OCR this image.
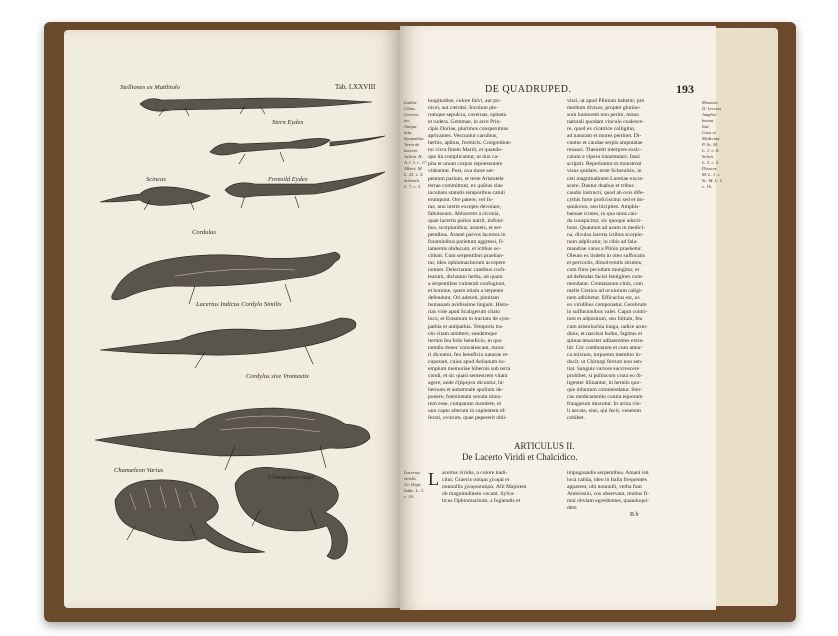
Stelliones ex Matthiolo	Tab. LXXVIII
Stern Eydex
Scincus	Fronsild Eydex
Cordulus
Lacertus Indicus Cordylo Similis
Cordylus sive Vromastix
Chamæleon Varius
Chamæleon niger
DE QUADRUPED.	193
Latibu-
Cibus.
Genera-
tio.
Antipa-
thia.
Sympathia.
Varia de
lacerto.
Aelian. H.
A. l. 3. c. 17.
Albert. M.
L. 25. c. 5.
Schenck.
L. 7. c. 3.
longitudine, colore fulvi, aut pu-
nicei, aut cærulei. Incolunt ple-
rumque sepulcra, cavernas, spineta
et rudera. Gemmae, in arce Prin-
cipis Doriae, plurimos conspeximus
apricantes. Vescuntur carnibus,
herbis, apibus, formicis. Congrediun-
tur circa finem Martii, et quando-
que ita complicantur, ut duo ca-
pita et unum corpus repræsentare
videantur. Post, ova more ser-
pentum pariunt, et teste Aristotele
terrae committunt, ex quibus sine
incubatu statutis temporibus catuli
erumpunt. Ore patere, vel fo-
tus, uno inerte excepto devorare,
fabulosum. Abhorrent a ciconia,
quae lacertis pullos nutrit, bufoni-
bus, scorpionibus, araneis, et ser-
pentibus. Aranei parvos lacertos in
foraminibus parietum aggressi, fi-
lamentis obducunt, et ictibus oc-
cidunt. Cum serpentibus praelian-
tur, ideo ophiomachorum accepere
nomen. Delectantur cantibus coch-
learum, dichanno herba, ad quam
a serpentibus vulnerati confugiunt,
et homine, quem etiam a serpente
defendunt. Ori admoti, pituitam
humanam avidissime lingunt. Histo-
rias vide apud Scaligerum citato
loco, et Erasmum in tractatu de sym-
pathia et antipathia. Temporis tra-
ctu vitam amittere, eandemque
iterum feu folis beneficio, in quo
tamdiu donec convalescant, mora-
ri dicuntur, feu beneficio naturae re-
cuperare, cuius apud Aelianum ex-
emplum memoriae hibernis sub terra
condi, et sic quasi semestrem vitam
agere, unde ἐξάμηνοι dicuntur, hi-
bernum et autumnale spolium de-
ponere, foemineum sexum mino-
rem esse, comparato incedere, et
uno capto alterum in capientem ef-
ferari, ovorum, quae pepererit obli-
visci, ut apud Plinium habetur, pro
medium divisos, propter glutino-
sum humorem non perire, mono
naturali quodam vinculo coalesce-
re, quod ex cicatrice colligitur,
ad naturam et mores pertinet. Di-
cuntur et caudae serpis amputatae
renasci. Theoretti interpres exsic-
catum a vipera transmutari, fassi
scripsit. Reperiuntur et monstrosi
visus quidam, teste Schenckio, in
ceti magnitudinem Lutetiae excre-
scere. Dantur duabus et tribus
caudis instructi, quod ab ovis dife-
cythis forte proficiscitur sed et ἀσ-
φαιδωτοι, seu bicipites. Amphis-
baenae icones, in qua unus cau-
da conspicitur, sic quoque adscri-
bunt. Quantum ad usum in medici-
na, divulsa lacerta ictibus scorpio-
num adplicatur, in cibis ad fala-
mandrae varus a Plinio praebetur.
Oleum ex iisdem in oleo suffocatis
et percoctis, dissolvendis strumis,
cum fimo pecudum mungitur, et
ad defendas faciei lentigines com-
mendatur. Crematarum cinis, cum
melle Cretico ad oculorum caligi-
nem adhibetur. Efficacius est, ex
ex viridibus componatur. Cerebrum
in suffusionibus valet. Caput contri-
tum et adpositum, seu folium, feu
cum aristolochia longa, radice arun-
dinis, et narcissi bulbo, fagittas et
spinas tenaciter adhaerentes extra-
hit. Cor combustum et cum amur-
ca mixtum, torporem membro in-
ducit, ut Chirurgi ferrum non sen-
tiat. Sanguis varices succrescere
prohibet, si pultiscum cruta eo di-
ligenter illinantur, in herniis quo-
que infantum commendatur. Ster-
cus medicamento contra equorum
fraugarum miscetur. In urina vin-
li necata, eius, qui fecit, venerem
cohibet.
Monstra.
D. Lercius
Amphis-
baena.
Ital.
Usus in
Medicina.
P. Sc. M.
L. 1. c. 8.
Schen.
L. 5. c. 5.
Dioscor.
M. L. 1. c.
Sc. M. L. 1.
c. 16.
ARTICULUS II.
De Lacerto Viridi et Chalcidico.
Lacertus
viridis
Gr. Digit.
Indic. L. 3.
c. 16.
L acertus viridis, a colore itadi-
citur, Graecis σαύρα χλωρὰ et
nonnullis χλωροσαύρα. Alii Majorem
ob magnitudinem vocant. Sylva-
ticus Ophiomachum, a fugiendis et
impugnandis serpentibus. Amant isti
loca calida, ideo in Italia frequentes
apparent, ubi nonnulli, verba funt
Ambrosini, cos observant, multos fi-
mul obviam egredientes, quandoqui-
dem
B b
